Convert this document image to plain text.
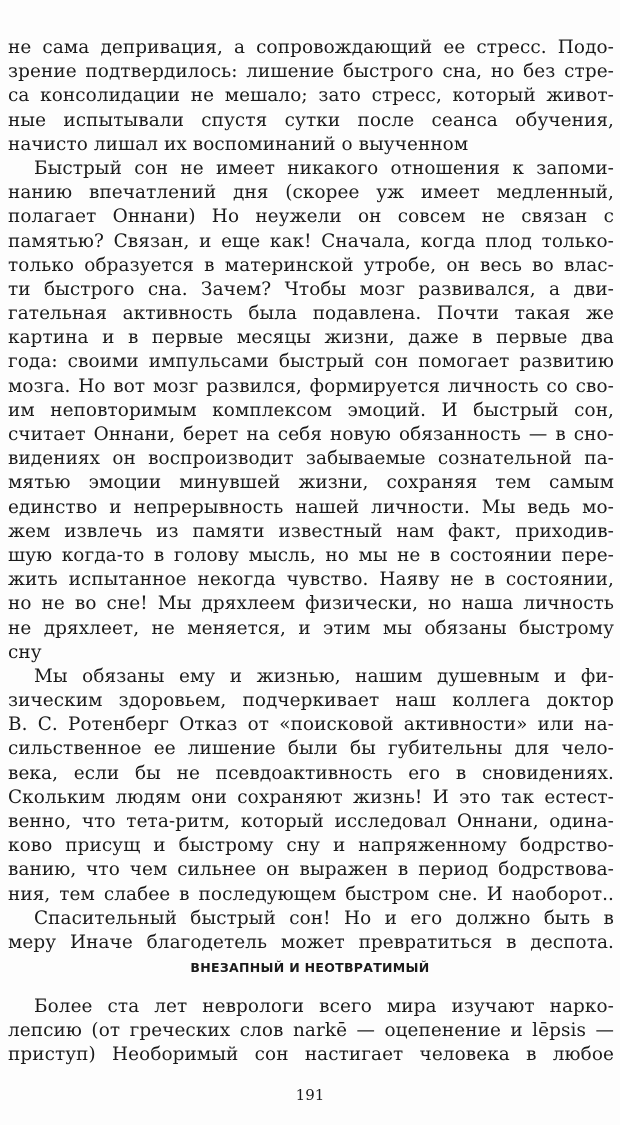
не сама депривация, а сопровождающий ее стресс. Подо-
зрение подтвердилось: лишение быстрого сна, но без стре-
са консолидации не мешало; зато стресс, который живот-
ные испытывали спустя сутки после сеанса обучения,
начисто лишал их воспоминаний о выученном
Быстрый сон не имеет никакого отношения к запоми-
нанию впечатлений дня (скорее уж имеет медленный,
полагает Оннани) Но неужели он совсем не связан с
памятью? Связан, и еще как! Сначала, когда плод только-
только образуется в материнской утробе, он весь во влас-
ти быстрого сна. Зачем? Чтобы мозг развивался, а дви-
гательная активность была подавлена. Почти такая же
картина и в первые месяцы жизни, даже в первые два
года: своими импульсами быстрый сон помогает развитию
мозга. Но вот мозг развился, формируется личность со сво-
им неповторимым комплексом эмоций. И быстрый сон,
считает Оннани, берет на себя новую обязанность — в сно-
видениях он воспроизводит забываемые сознательной па-
мятью эмоции минувшей жизни, сохраняя тем самым
единство и непрерывность нашей личности. Мы ведь мо-
жем извлечь из памяти известный нам факт, приходив-
шую когда-то в голову мысль, но мы не в состоянии пере-
жить испытанное некогда чувство. Наяву не в состоянии,
но не во сне! Мы дряхлеем физически, но наша личность
не дряхлеет, не меняется, и этим мы обязаны быстрому
сну
Мы обязаны ему и жизнью, нашим душевным и фи-
зическим здоровьем, подчеркивает наш коллега доктор
В. С. Ротенберг Отказ от «поисковой активности» или на-
сильственное ее лишение были бы губительны для чело-
века, если бы не псевдоактивность его в сновидениях.
Скольким людям они сохраняют жизнь! И это так естест-
венно, что тета-ритм, который исследовал Оннани, одина-
ково присущ и быстрому сну и напряженному бодрство-
ванию, что чем сильнее он выражен в период бодрствова-
ния, тем слабее в последующем быстром сне. И наоборот..
Спасительный быстрый сон! Но и его должно быть в
меру Иначе благодетель может превратиться в деспота.
ВНЕЗАПНЫЙ И НЕОТВРАТИМЫЙ
Более ста лет неврологи всего мира изучают нарко-
лепсию (от греческих слов narkē — оцепенение и lēpsis —
приступ) Необоримый сон настигает человека в любое
191
